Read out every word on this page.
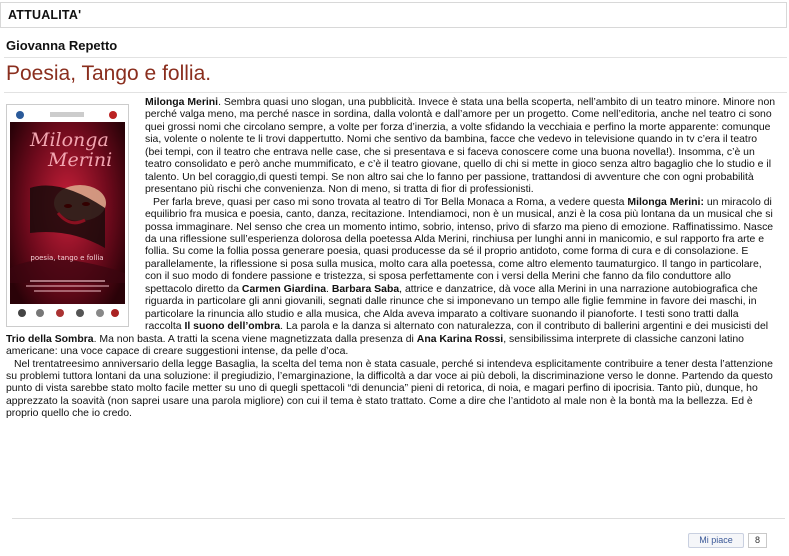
ATTUALITA'
Giovanna Repetto
Poesia, Tango e follia.

Milonga Merini. Sembra quasi uno slogan, una pubblicità. Invece è stata una bella scoperta, nell’ambito di un teatro minore. Minore non perché valga meno, ma perché nasce in sordina, dalla volontà e dall’amore per un progetto. Come nell’editoria, anche nel teatro ci sono quei grossi nomi che circolano sempre, a volte per forza d’inerzia, a volte sfidando la vecchiaia e perfino la morte apparente: comunque sia, volente o nolente te li trovi dappertutto. Nomi che sentivo da bambina, facce che vedevo in televisione quando in tv c’era il teatro (bei tempi, con il teatro che entrava nelle case, che si presentava e si faceva conoscere come una buona novella!). Insomma, c’è un teatro consolidato e però anche mummificato, e c’è il teatro giovane, quello di chi si mette in gioco senza altro bagaglio che lo studio e il talento. Un bel coraggio,di questi tempi. Se non altro sai che lo fanno per passione, trattandosi di avventure che con ogni probabilità presentano più rischi che convenienza. Non di meno, si tratta di fior di professionisti.

Per farla breve, quasi per caso mi sono trovata al teatro di Tor Bella Monaca a Roma, a vedere questa Milonga Merini: un miracolo di equilibrio fra musica e poesia, canto, danza, recitazione. Intendiamoci, non è un musical, anzi è la cosa più lontana da un musical che si possa immaginare. Nel senso che crea un momento intimo, sobrio, intenso, privo di sfarzo ma pieno di emozione. Raffinatissimo. Nasce da una riflessione sull’esperienza dolorosa della poetessa Alda Merini, rinchiusa per lunghi anni in manicomio, e sul rapporto fra arte e follia. Su come la follia possa generare poesia, quasi producesse da sé il proprio antidoto, come forma di cura e di consolazione. E parallelamente, la riflessione si posa sulla musica, molto cara alla poetessa, come altro elemento taumaturgico. Il tango in particolare, con il suo modo di fondere passione e tristezza, si sposa perfettamente con i versi della Merini che fanno da filo conduttore allo spettacolo diretto da Carmen Giardina. Barbara Saba, attrice e danzatrice, dà voce alla Merini in una narrazione autobiografica che riguarda in particolare gli anni giovanili, segnati dalle rinunce che si imponevano un tempo alle figlie femmine in favore dei maschi, in particolare la rinuncia allo studio e alla musica, che Alda aveva imparato a coltivare suonando il pianoforte. I testi sono tratti dalla raccolta Il suono dell’ombra. La parola e la danza si alternato con naturalezza, con il contributo di ballerini argentini e dei musicisti del Trio della Sombra. Ma non basta. A tratti la scena viene magnetizzata dalla presenza di Ana Karina Rossi, sensibilissima interprete di classiche canzoni latino americane: una voce capace di creare suggestioni intense, da pelle d’oca.

Nel trentatreesimo anniversario della legge Basaglia, la scelta del tema non è stata casuale, perché si intendeva esplicitamente contribuire a tener desta l’attenzione su problemi tuttora lontani da una soluzione: il pregiudizio, l’emarginazione, la difficoltà a dar voce ai più deboli, la discriminazione verso le donne. Partendo da questo punto di vista sarebbe stato molto facile metter su uno di quegli spettacoli “di denuncia” pieni di retorica, di noia, e magari perfino di ipocrisia. Tanto più, dunque, ho apprezzato la soavità (non saprei usare una parola migliore) con cui il tema è stato trattato. Come a dire che l’antidoto al male non è la bontà ma la bellezza. Ed è proprio quello che io credo.

Milonga
Merini
poesia, tango e follia
Mi piace	8
